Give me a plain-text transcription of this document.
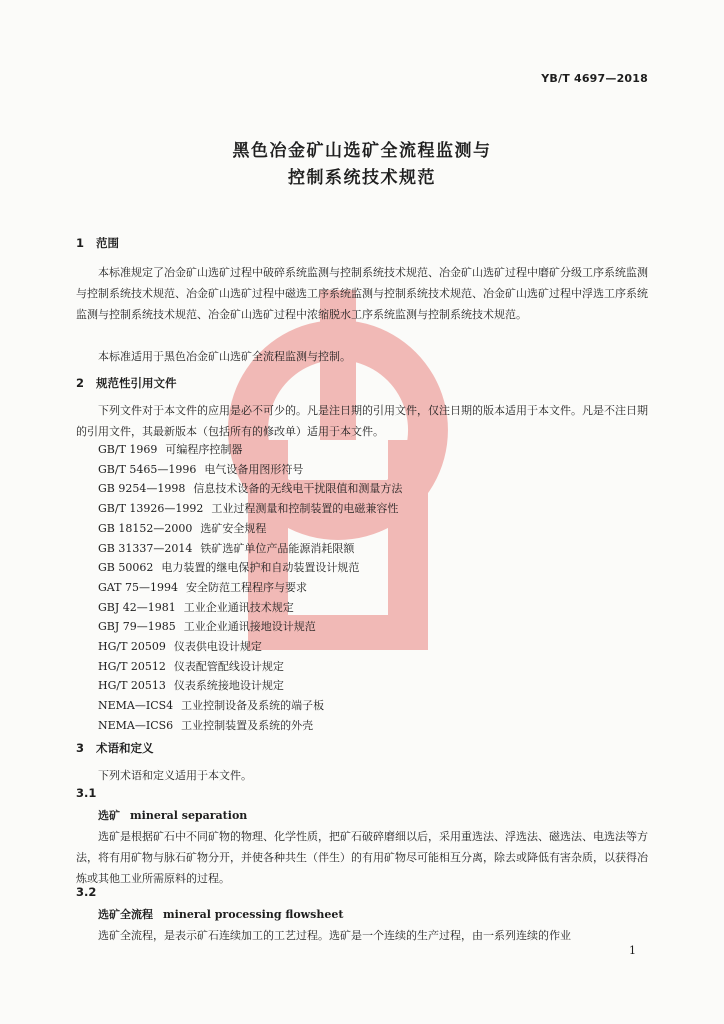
YB/T 4697—2018
黑色冶金矿山选矿全流程监测与
控制系统技术规范
1 范围

本标准规定了冶金矿山选矿过程中破碎系统监测与控制系统技术规范、冶金矿山选矿过程中磨矿分级工序系统监测与控制系统技术规范、冶金矿山选矿过程中磁选工序系统监测与控制系统技术规范、冶金矿山选矿过程中浮选工序系统监测与控制系统技术规范、冶金矿山选矿过程中浓缩脱水工序系统监测与控制系统技术规范。

本标准适用于黑色冶金矿山选矿全流程监测与控制。

2 规范性引用文件

下列文件对于本文件的应用是必不可少的。凡是注日期的引用文件，仅注日期的版本适用于本文件。凡是不注日期的引用文件，其最新版本（包括所有的修改单）适用于本文件。

GB/T 1969 可编程序控制器
GB/T 5465—1996 电气设备用图形符号
GB 9254—1998 信息技术设备的无线电干扰限值和测量方法
GB/T 13926—1992 工业过程测量和控制装置的电磁兼容性
GB 18152—2000 选矿安全规程
GB 31337—2014 铁矿选矿单位产品能源消耗限额
GB 50062 电力装置的继电保护和自动装置设计规范
GAT 75—1994 安全防范工程程序与要求
GBJ 42—1981 工业企业通讯技术规定
GBJ 79—1985 工业企业通讯接地设计规范
HG/T 20509 仪表供电设计规定
HG/T 20512 仪表配管配线设计规定
HG/T 20513 仪表系统接地设计规定
NEMA—ICS4 工业控制设备及系统的端子板
NEMA—ICS6 工业控制装置及系统的外壳
3 术语和定义

下列术语和定义适用于本文件。

3.1
选矿 mineral separation

选矿是根据矿石中不同矿物的物理、化学性质，把矿石破碎磨细以后，采用重选法、浮选法、磁选法、电选法等方法，将有用矿物与脉石矿物分开，并使各种共生（伴生）的有用矿物尽可能相互分离，除去或降低有害杂质，以获得冶炼或其他工业所需原料的过程。

3.2
选矿全流程 mineral processing flowsheet

选矿全流程，是表示矿石连续加工的工艺过程。选矿是一个连续的生产过程，由一系列连续的作业

1
